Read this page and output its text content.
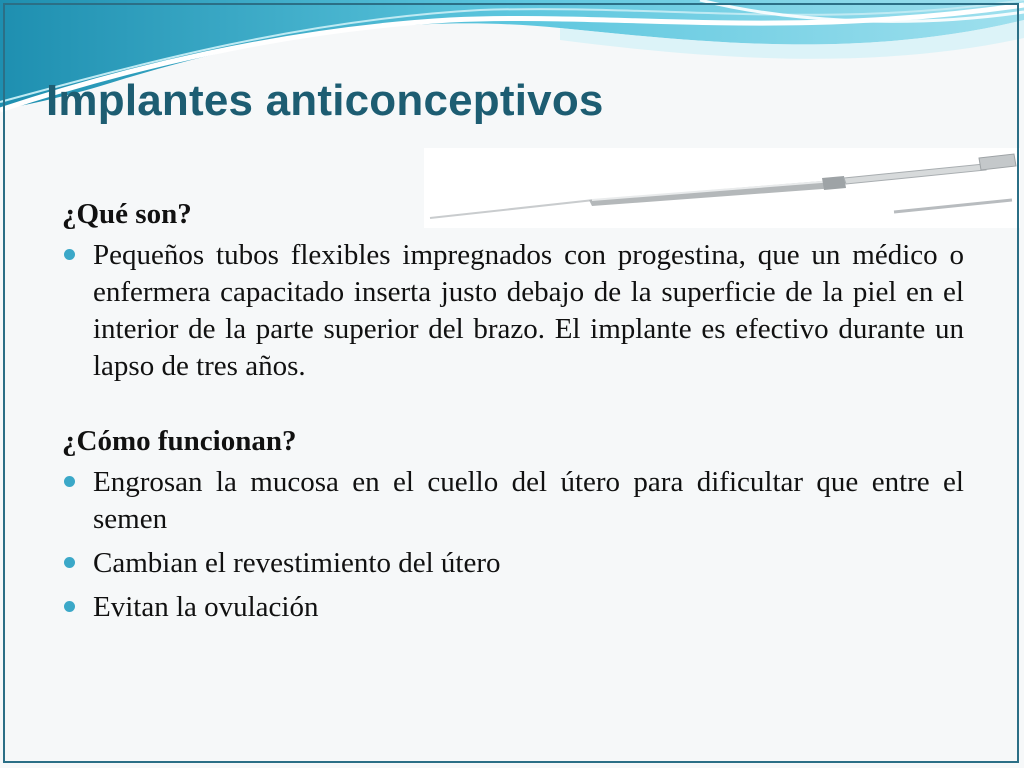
Implantes anticonceptivos

¿Qué son?

Pequeños tubos flexibles impregnados con progestina, que un médico o enfermera capacitado inserta justo debajo de la superficie de la piel en el interior de la parte superior del brazo. El implante es efectivo durante un lapso de tres años.

¿Cómo funcionan?

Engrosan la mucosa en el cuello del útero para dificultar que entre el semen
Cambian el revestimiento del útero
Evitan la ovulación
